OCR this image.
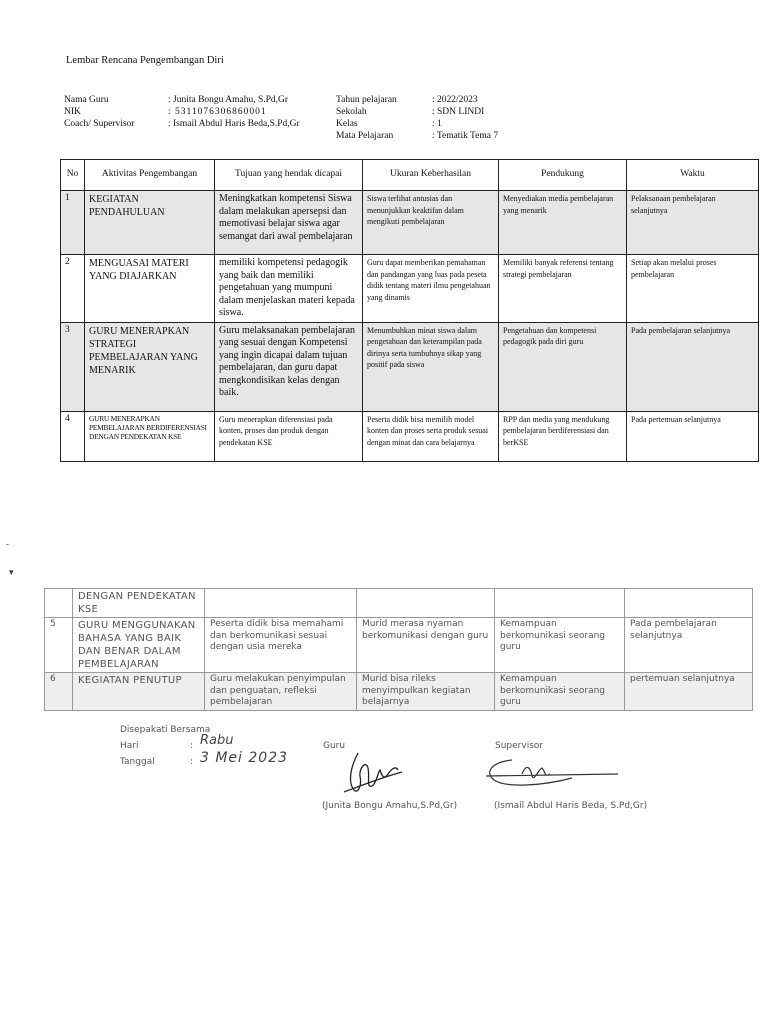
Lembar Rencana Pengembangan Diri
Nama Guru	: Junita Bongu Amahu, S.Pd,Gr
NIK	: 5311076306860001
Coach/ Supervisor	: Ismail Abdul Haris Beda,S.Pd,Gr
Tahun pelajaran	: 2022/2023
Sekolah	: SDN LINDI
Kelas	: 1
Mata Pelajaran	: Tematik Tema 7
No	Aktivitas Pengembangan	Tujuan yang hendak dicapai	Ukuran Keberhasilan	Pendukung	Waktu
1	KEGIATAN PENDAHULUAN	Meningkatkan kompetensi Siswa dalam melakukan apersepsi dan memotivasi belajar siswa agar semangat dari awal pembelajaran	Siswa terlihat antusias dan menunjukkan keaktifan dalam mengikuti pembelajaran	Menyediakan media pembelajaran yang menarik	Pelaksanaan pembelajaran selanjutnya
2	MENGUASAI MATERI YANG DIAJARKAN	memiliki kompetensi pedagogik yang baik dan memiliki pengetahuan yang mumpuni dalam menjelaskan materi kepada siswa.	Guru dapat memberikan pemahaman dan pandangan yang luas pada peseta didik tentang materi ilmu pengetahuan yang dinamis	Memiliki banyak referensi tentang strategi pembelajaran	Setiap akan melalui proses pembelajaran
3	GURU MENERAPKAN STRATEGI PEMBELAJARAN YANG MENARIK	Guru melaksanakan pembelajaran yang sesuai dengan Kompetensi yang ingin dicapai dalam tujuan pembelajaran, dan guru dapat mengkondisikan kelas dengan baik.	Menumbuhkan minat siswa dalam pengetahuan dan keterampilan pada dirinya serta tumbuhnya sikap yang positif pada siswa	Pengetahuan dan kompetensi pedagogik pada diri guru	Pada pembelajaran selanjutnya
4	GURU MENERAPKAN PEMBELAJARAN BERDIFERENSIASI DENGAN PENDEKATAN KSE	Guru menerapkan diferensiasi pada konten, proses dan produk dengan pendekatan KSE	Peserta didik bisa memilih model konten dan proses serta produk sesuai dengan minat dan cara belajarnya	RPP dan media yang mendukung pembelajaran berdiferensiasi dan berKSE	Pada pertemuan selanjutnya
-
▾
	DENGAN PENDEKATAN KSE				
5	GURU MENGGUNAKAN BAHASA YANG BAIK DAN BENAR DALAM PEMBELAJARAN	Peserta didik bisa memahami dan berkomunikasi sesuai dengan usia mereka	Murid merasa nyaman berkomunikasi dengan guru	Kemampuan berkomunikasi seorang guru	Pada pembelajaran selanjutnya
6	KEGIATAN PENUTUP	Guru melakukan penyimpulan dan penguatan, refleksi pembelajaran	Murid bisa rileks menyimpulkan kegiatan belajarnya	Kemampuan berkomunikasi seorang guru	pertemuan selanjutnya
Disepakati Bersama
Hari	: Rabu
Tanggal	: 3 Mei 2023
Guru	Supervisor
(Junita Bongu Amahu,S.Pd,Gr)	(Ismail Abdul Haris Beda, S.Pd,Gr)
